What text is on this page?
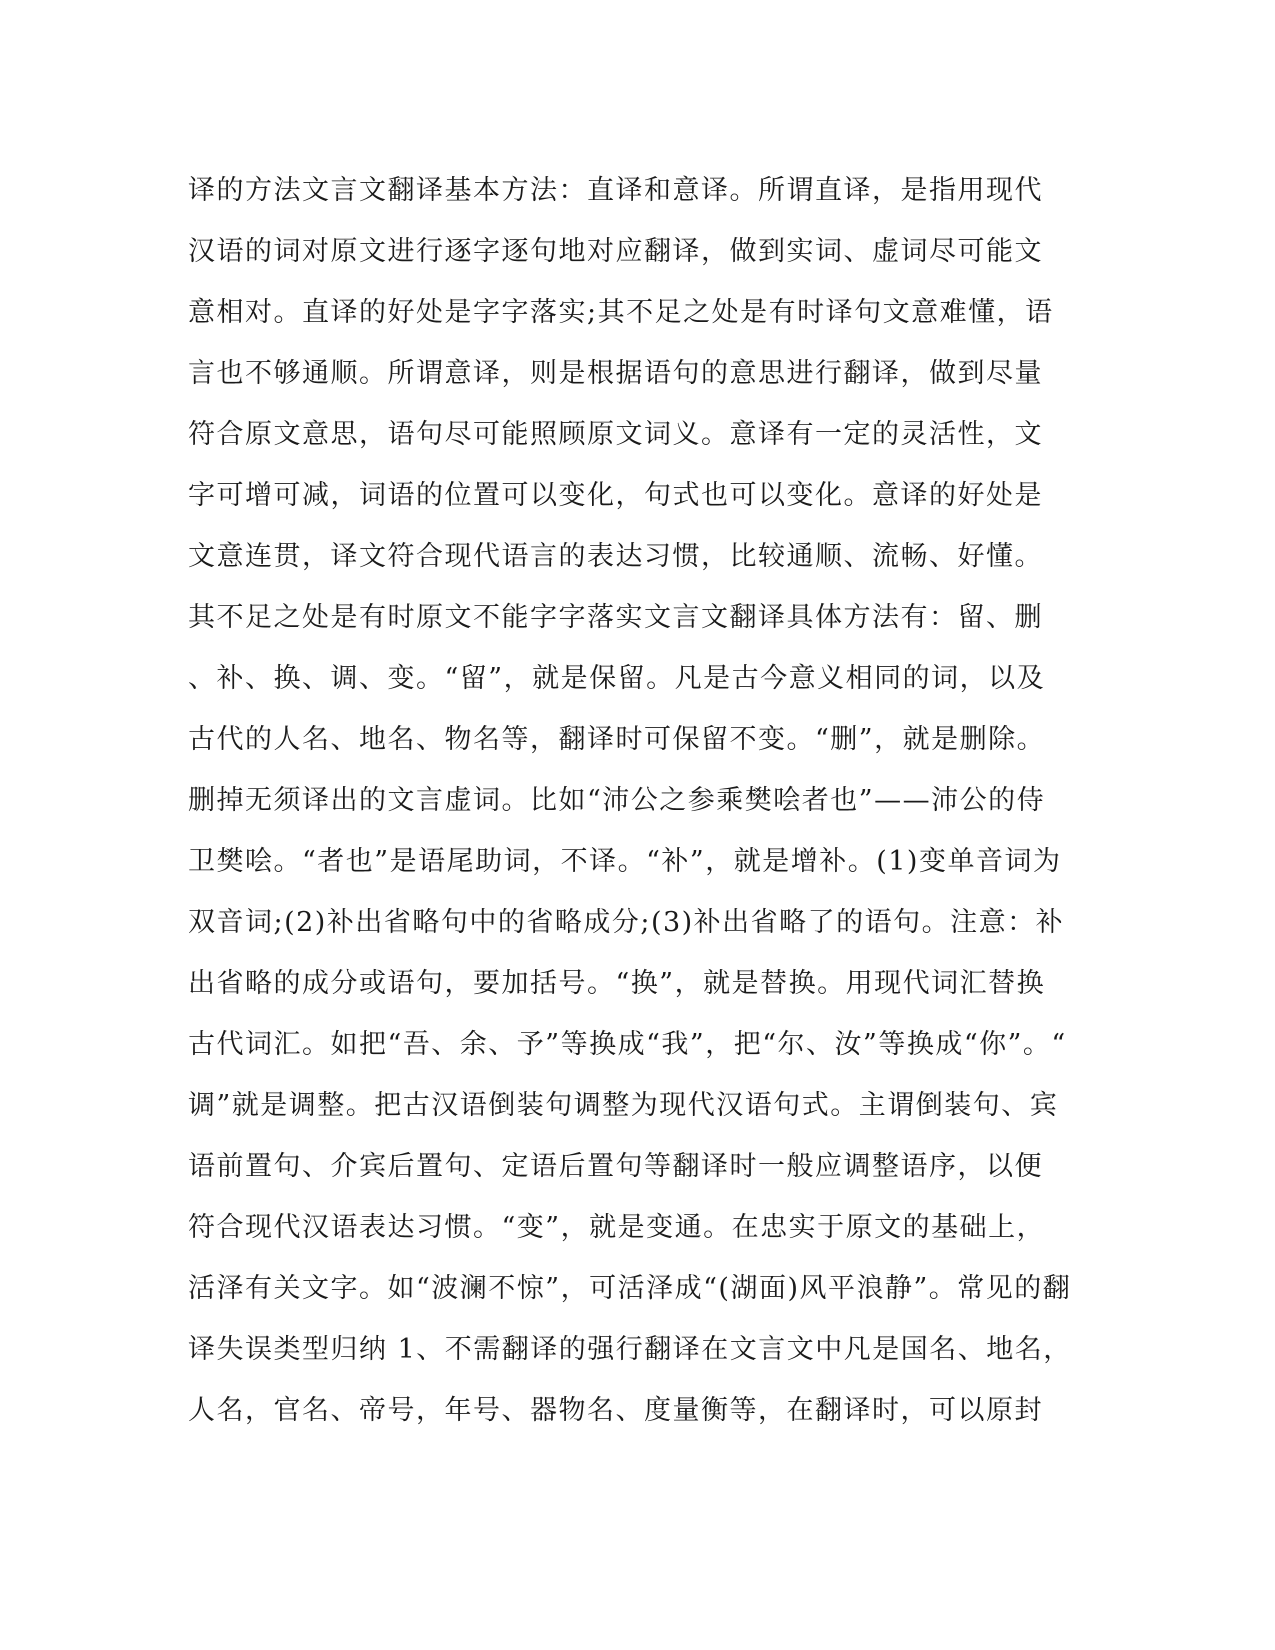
译的方法文言文翻译基本方法：直译和意译。所谓直译，是指用现代
汉语的词对原文进行逐字逐句地对应翻译，做到实词、虚词尽可能文
意相对。直译的好处是字字落实;其不足之处是有时译句文意难懂，语
言也不够通顺。所谓意译，则是根据语句的意思进行翻译，做到尽量
符合原文意思，语句尽可能照顾原文词义。意译有一定的灵活性，文
字可增可减，词语的位置可以变化，句式也可以变化。意译的好处是
文意连贯，译文符合现代语言的表达习惯，比较通顺、流畅、好懂。
其不足之处是有时原文不能字字落实文言文翻译具体方法有：留、删
、补、换、调、变。“留”，就是保留。凡是古今意义相同的词，以及
古代的人名、地名、物名等，翻译时可保留不变。“删”，就是删除。
删掉无须译出的文言虚词。比如“沛公之参乘樊哙者也”——沛公的侍
卫樊哙。“者也”是语尾助词，不译。“补”，就是增补。(1)变单音词为
双音词;(2)补出省略句中的省略成分;(3)补出省略了的语句。注意：补
出省略的成分或语句，要加括号。“换”，就是替换。用现代词汇替换
古代词汇。如把“吾、余、予”等换成“我”，把“尔、汝”等换成“你”。“
调”就是调整。把古汉语倒装句调整为现代汉语句式。主谓倒装句、宾
语前置句、介宾后置句、定语后置句等翻译时一般应调整语序，以便
符合现代汉语表达习惯。“变”，就是变通。在忠实于原文的基础上，
活泽有关文字。如“波澜不惊”，可活泽成“(湖面)风平浪静”。常见的翻
译失误类型归纳 1、不需翻译的强行翻译在文言文中凡是国名、地名，
人名，官名、帝号，年号、器物名、度量衡等，在翻译时，可以原封
